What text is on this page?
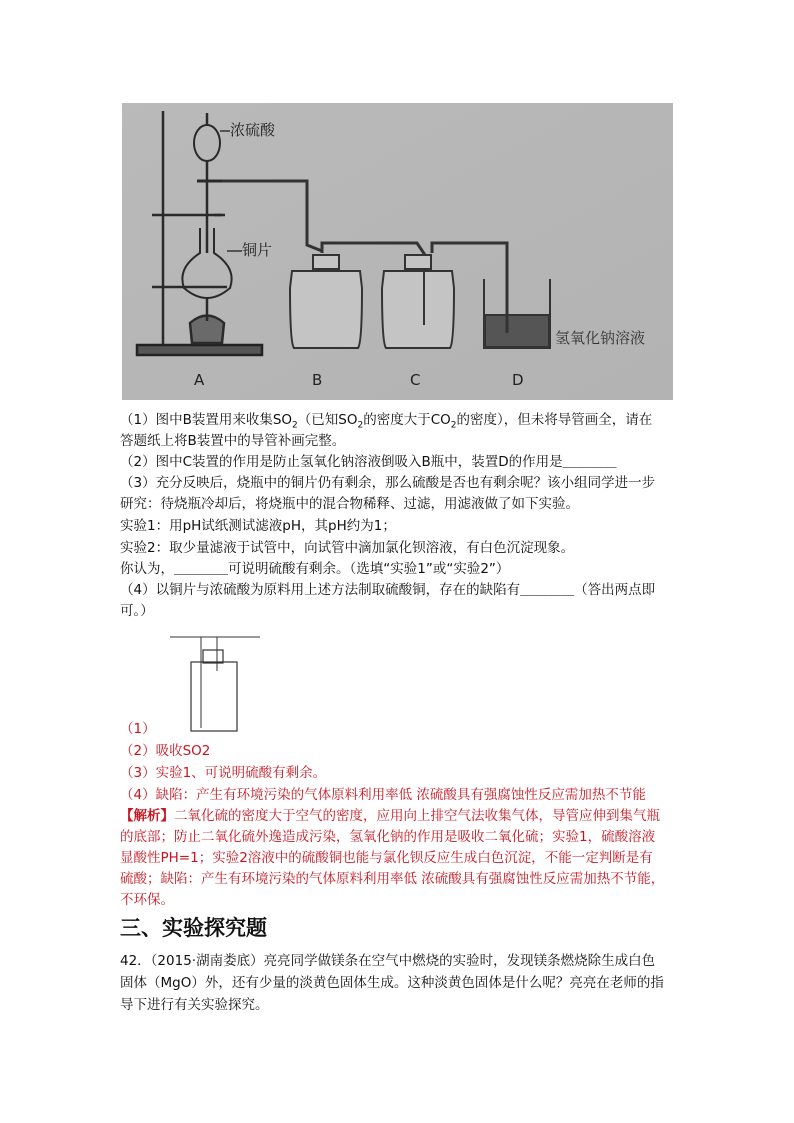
浓硫酸
铜片
氢氧化钠溶液
A	B	C	D
（1）图中B装置用来收集$SO_2$（已知$SO_2$的密度大于$CO_2$的密度），但未将导管画全，请在
答题纸上将B装置中的导管补画完整。
（2）图中C装置的作用是防止氢氧化钠溶液倒吸入B瓶中，装置D的作用是＿＿＿＿
（3）充分反映后，烧瓶中的铜片仍有剩余，那么硫酸是否也有剩余呢？该小组同学进一步
研究：待烧瓶冷却后，将烧瓶中的混合物稀释、过滤，用滤液做了如下实验。
实验1：用pH试纸测试滤液pH，其pH约为1；
实验2：取少量滤液于试管中，向试管中滴加氯化钡溶液，有白色沉淀现象。
你认为，＿＿＿＿可说明硫酸有剩余。（选填“实验1”或“实验2”）
（4）以铜片与浓硫酸为原料用上述方法制取硫酸铜，存在的缺陷有＿＿＿＿（答出两点即
可。）
（1）
（2）吸收SO2
（3）实验1、可说明硫酸有剩余。
（4）缺陷：产生有环境污染的气体原料利用率低 浓硫酸具有强腐蚀性反应需加热不节能
【解析】二氧化硫的密度大于空气的密度，应用向上排空气法收集气体，导管应伸到集气瓶
的底部；防止二氧化硫外逸造成污染，氢氧化钠的作用是吸收二氧化硫；实验1，硫酸溶液
显酸性PH=1；实验2溶液中的硫酸铜也能与氯化钡反应生成白色沉淀，不能一定判断是有
硫酸；缺陷：产生有环境污染的气体原料利用率低 浓硫酸具有强腐蚀性反应需加热不节能，
不环保。
三、实验探究题
42．（2015·湖南娄底）亮亮同学做镁条在空气中燃烧的实验时，发现镁条燃烧除生成白色
固体（MgO）外，还有少量的淡黄色固体生成。这种淡黄色固体是什么呢？亮亮在老师的指
导下进行有关实验探究。
